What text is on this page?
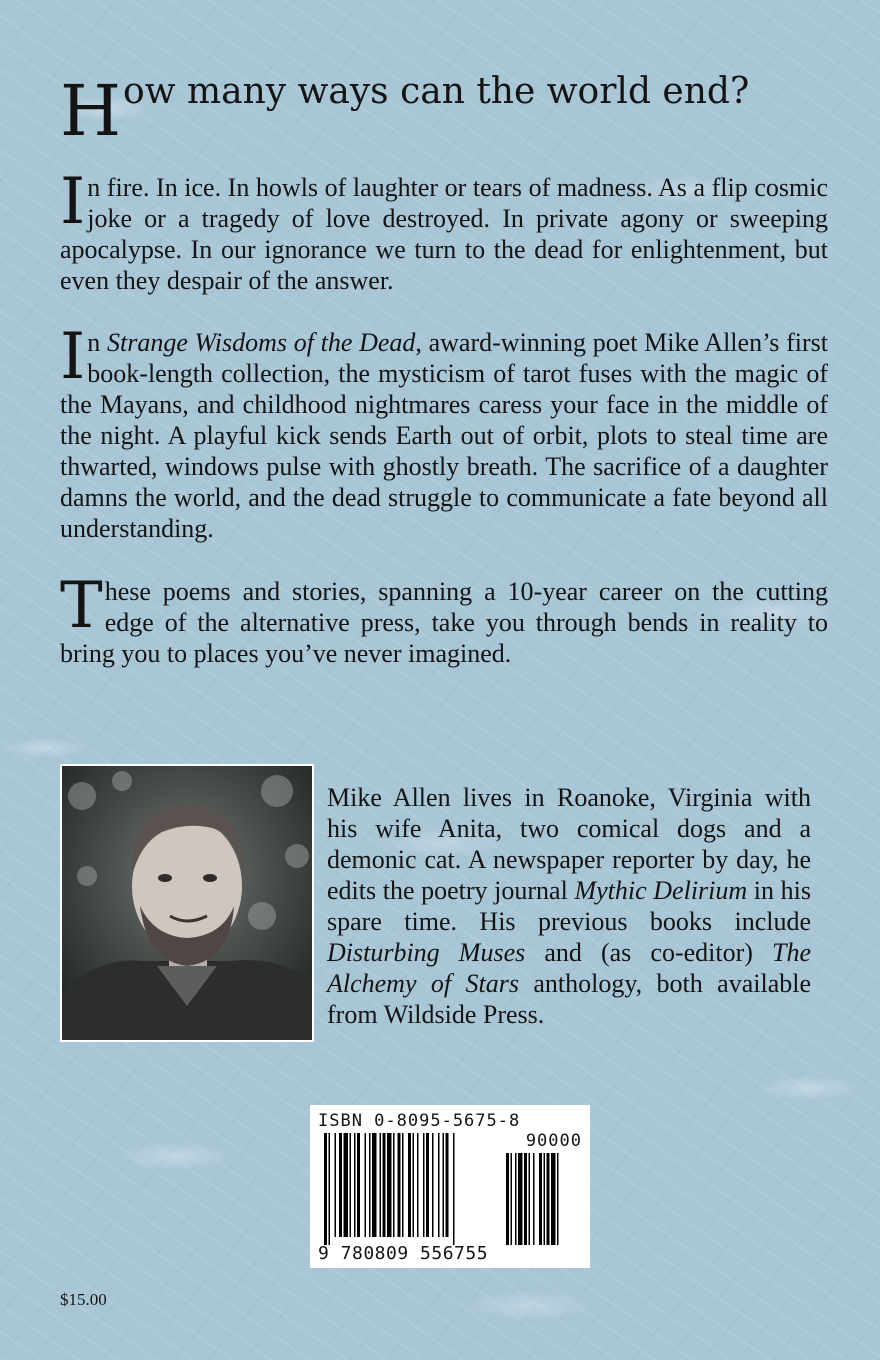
How many ways can the world end?

In fire. In ice. In howls of laughter or tears of madness. As a flip cosmic joke or a tragedy of love destroyed. In private agony or sweeping apocalypse. In our ignorance we turn to the dead for enlightenment, but even they despair of the answer.

In Strange Wisdoms of the Dead, award-winning poet Mike Allen’s first book-length collection, the mysticism of tarot fuses with the magic of the Mayans, and childhood nightmares caress your face in the middle of the night. A playful kick sends Earth out of orbit, plots to steal time are thwarted, windows pulse with ghostly breath. The sacrifice of a daughter damns the world, and the dead struggle to communicate a fate beyond all understanding.

These poems and stories, spanning a 10-year career on the cutting edge of the alternative press, take you through bends in reality to bring you to places you’ve never imagined.

Mike Allen lives in Roanoke, Virginia with his wife Anita, two comical dogs and a demonic cat. A newspaper reporter by day, he edits the poetry journal Mythic Delirium in his spare time. His previous books include Disturbing Muses and (as co-editor) The Alchemy of Stars anthology, both available from Wildside Press.

ISBN 0-8095-5675-8
90000
9 780809 556755
$15.00
